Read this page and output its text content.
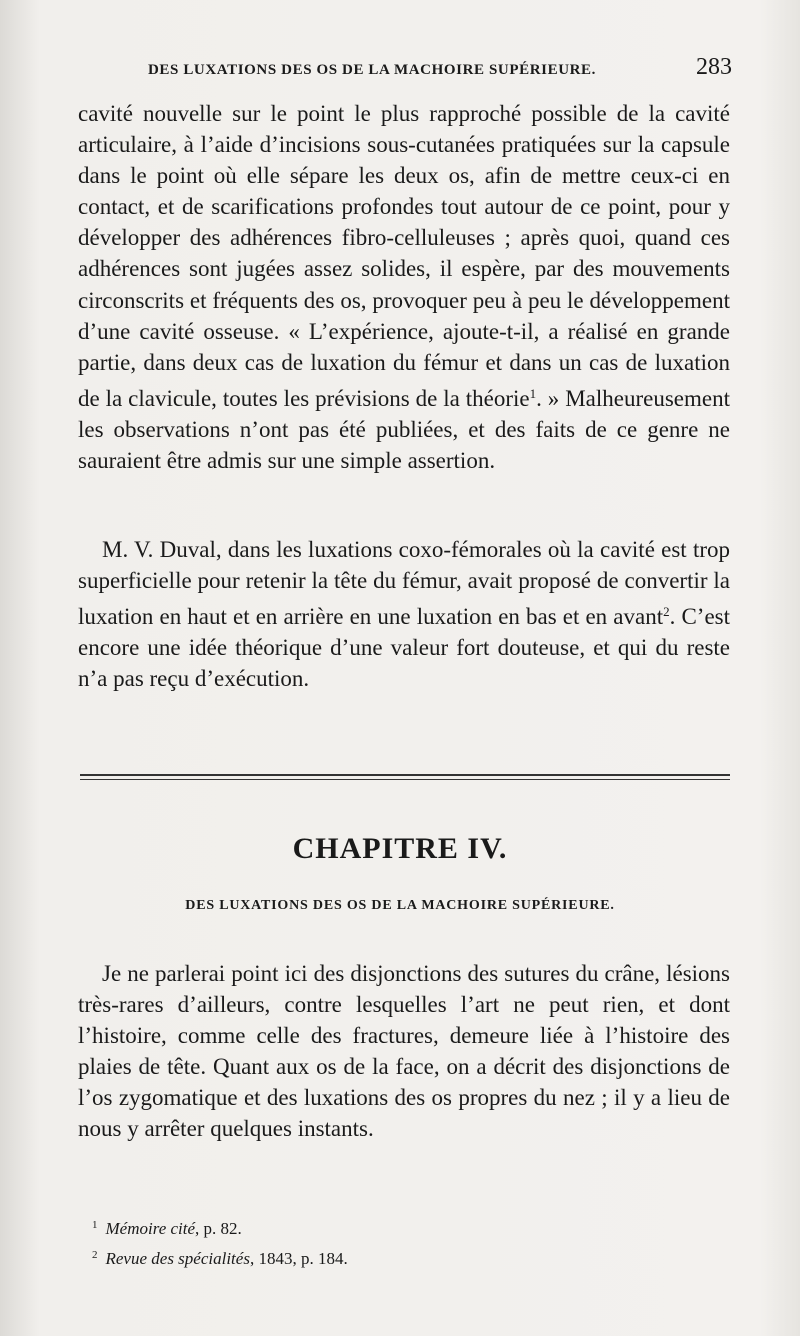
DES LUXATIONS DES OS DE LA MACHOIRE SUPÉRIEURE.	283

cavité nouvelle sur le point le plus rapproché possible de la cavité articulaire, à l’aide d’incisions sous-cutanées pratiquées sur la capsule dans le point où elle sépare les deux os, afin de mettre ceux-ci en contact, et de scarifications profondes tout autour de ce point, pour y développer des adhérences fibro-celluleuses ; après quoi, quand ces adhérences sont jugées assez solides, il espère, par des mouvements circonscrits et fréquents des os, provoquer peu à peu le développement d’une cavité osseuse. « L’expérience, ajoute-t-il, a réalisé en grande partie, dans deux cas de luxation du fémur et dans un cas de luxation de la clavicule, toutes les prévisions de la théorie$^1$. » Malheureusement les observations n’ont pas été publiées, et des faits de ce genre ne sauraient être admis sur une simple assertion.

M. V. Duval, dans les luxations coxo-fémorales où la cavité est trop superficielle pour retenir la tête du fémur, avait proposé de convertir la luxation en haut et en arrière en une luxation en bas et en avant$^2$. C’est encore une idée théorique d’une valeur fort douteuse, et qui du reste n’a pas reçu d’exécution.

CHAPITRE IV.
DES LUXATIONS DES OS DE LA MACHOIRE SUPÉRIEURE.

Je ne parlerai point ici des disjonctions des sutures du crâne, lésions très-rares d’ailleurs, contre lesquelles l’art ne peut rien, et dont l’histoire, comme celle des fractures, demeure liée à l’histoire des plaies de tête. Quant aux os de la face, on a décrit des disjonctions de l’os zygomatique et des luxations des os propres du nez ; il y a lieu de nous y arrêter quelques instants.

$^1$ Mémoire cité, p. 82.

$^2$ Revue des spécialités, 1843, p. 184.
